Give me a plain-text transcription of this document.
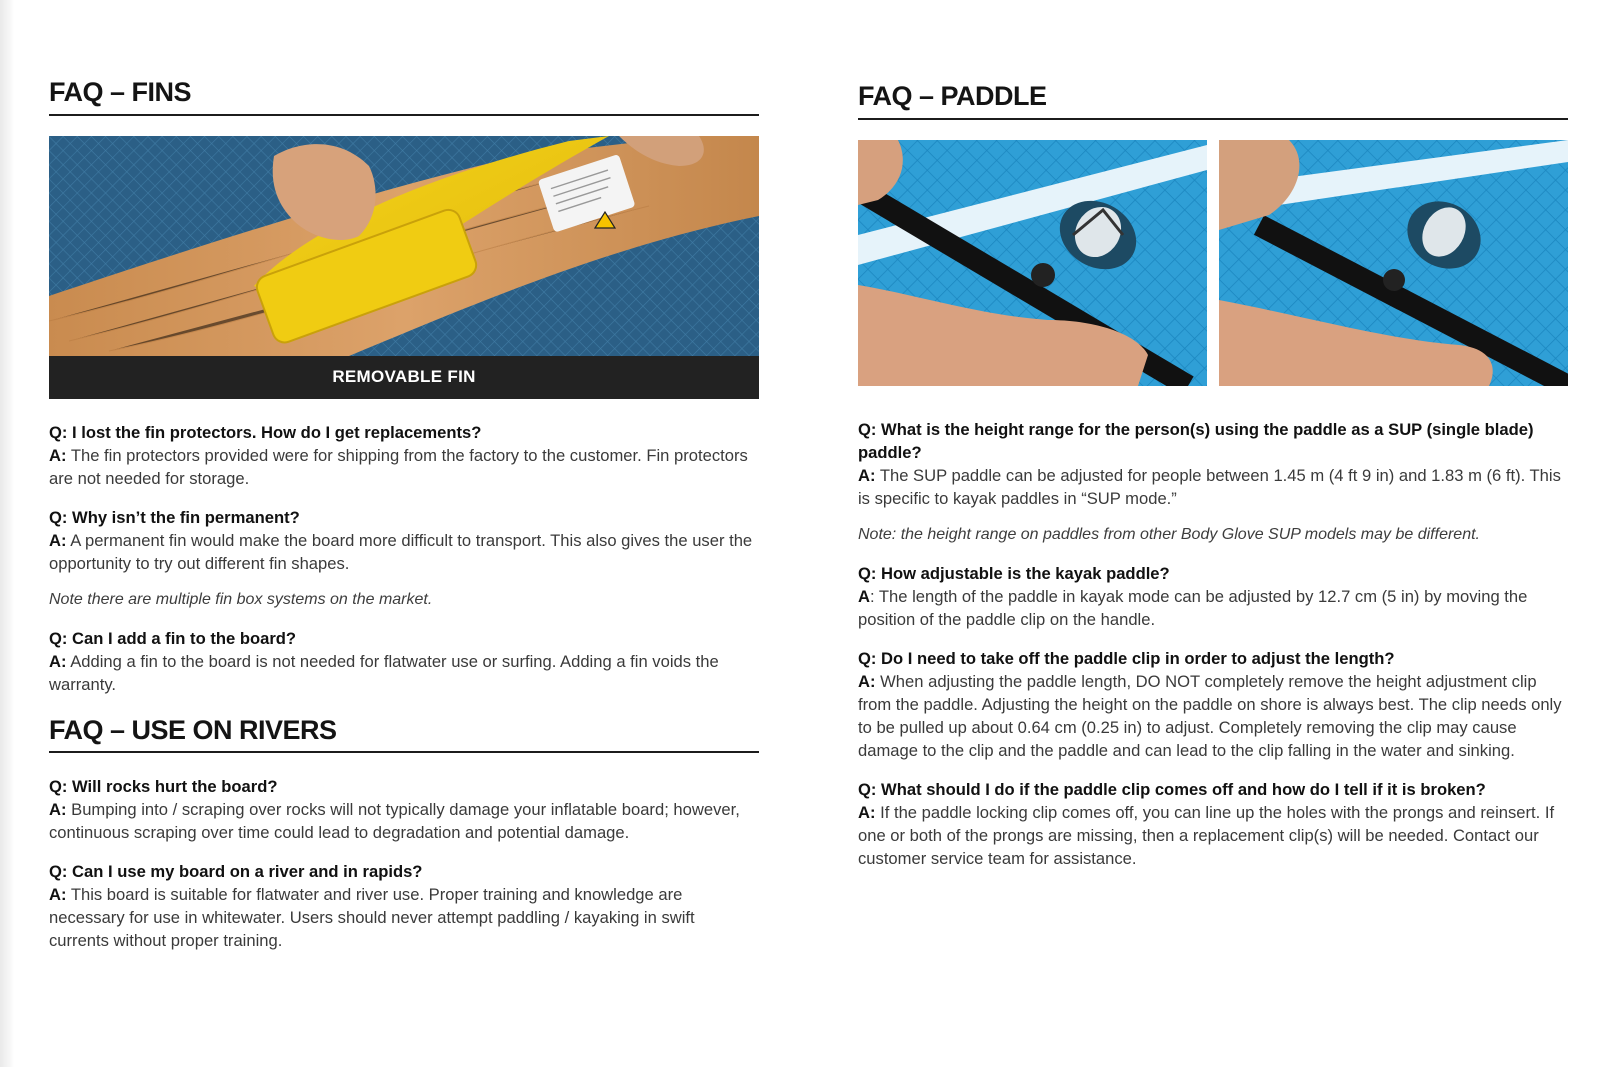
FAQ – FINS
REMOVABLE FIN
Q: I lost the fin protectors. How do I get replacements?
A: The fin protectors provided were for shipping from the factory to the customer. Fin protectors are not needed for storage.
Q: Why isn’t the fin permanent?
A: A permanent fin would make the board more difficult to transport. This also gives the user the opportunity to try out different fin shapes.
Note there are multiple fin box systems on the market.
Q: Can I add a fin to the board?
A: Adding a fin to the board is not needed for flatwater use or surfing. Adding a fin voids the warranty.
FAQ – USE ON RIVERS
Q: Will rocks hurt the board?
A: Bumping into / scraping over rocks will not typically damage your inflatable board; however, continuous scraping over time could lead to degradation and potential damage.
Q: Can I use my board on a river and in rapids?
A: This board is suitable for flatwater and river use. Proper training and knowledge are necessary for use in whitewater. Users should never attempt paddling / kayaking in swift currents without proper training.
FAQ – PADDLE
Q: What is the height range for the person(s) using the paddle as a SUP (single blade) paddle?
A: The SUP paddle can be adjusted for people between 1.45 m (4 ft 9 in) and 1.83 m (6 ft). This is specific to kayak paddles in “SUP mode.”
Note: the height range on paddles from other Body Glove SUP models may be different.
Q: How adjustable is the kayak paddle?
A: The length of the paddle in kayak mode can be adjusted by 12.7 cm (5 in) by moving the position of the paddle clip on the handle.
Q: Do I need to take off the paddle clip in order to adjust the length?
A: When adjusting the paddle length, DO NOT completely remove the height adjustment clip from the paddle. Adjusting the height on the paddle on shore is always best. The clip needs only to be pulled up about 0.64 cm (0.25 in) to adjust. Completely removing the clip may cause damage to the clip and the paddle and can lead to the clip falling in the water and sinking.
Q: What should I do if the paddle clip comes off and how do I tell if it is broken?
A: If the paddle locking clip comes off, you can line up the holes with the prongs and reinsert. If one or both of the prongs are missing, then a replacement clip(s) will be needed. Contact our customer service team for assistance.
